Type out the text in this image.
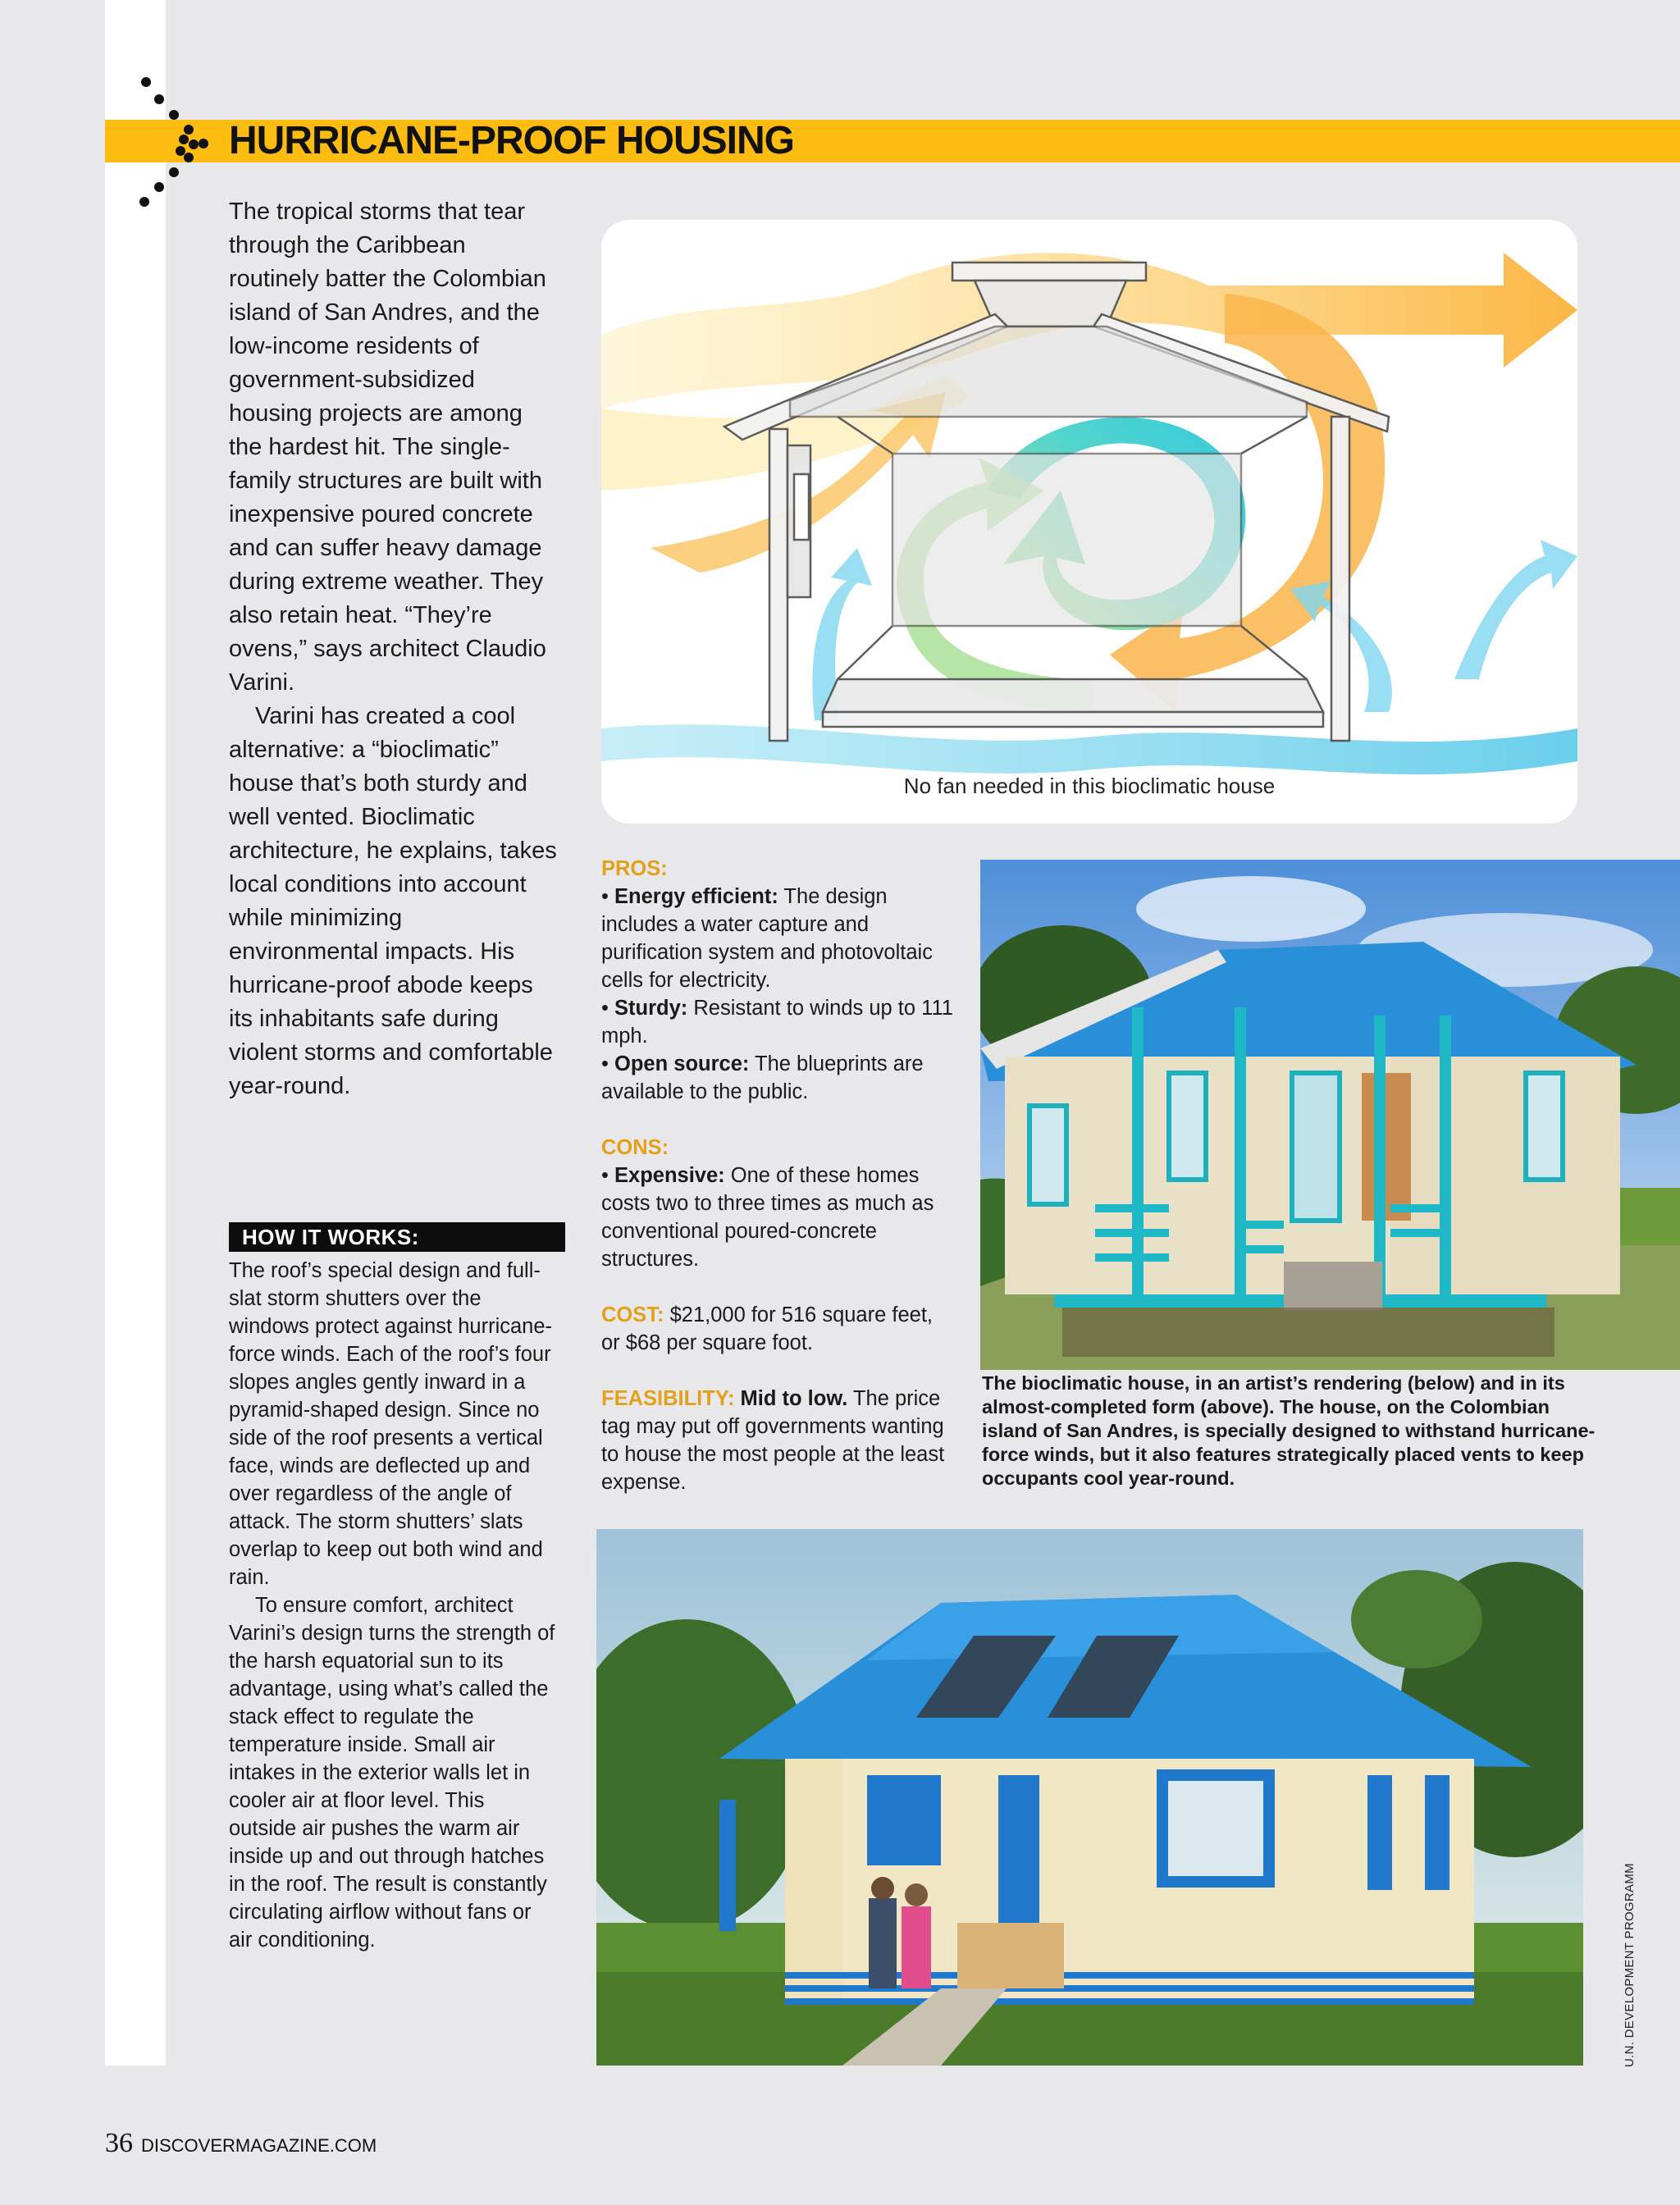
HURRICANE-PROOF HOUSING

The tropical storms that tear through the Caribbean routinely batter the Colombian island of San Andres, and the low-income residents of government-subsidized housing projects are among the hardest hit. The single-family structures are built with inexpensive poured concrete and can suffer heavy damage during extreme weather. They also retain heat. “They’re ovens,” says architect Claudio Varini.

Varini has created a cool alternative: a “bioclimatic” house that’s both sturdy and well vented. Bioclimatic architecture, he explains, takes local conditions into account while minimizing environmental impacts. His hurricane-proof abode keeps its inhabitants safe during violent storms and comfortable year-round.

HOW IT WORKS:

The roof’s special design and full-slat storm shutters over the windows protect against hurricane-force winds. Each of the roof’s four slopes angles gently inward in a pyramid-shaped design. Since no side of the roof presents a vertical face, winds are deflected up and over regardless of the angle of attack. The storm shutters’ slats overlap to keep out both wind and rain.

To ensure comfort, architect Varini’s design turns the strength of the harsh equatorial sun to its advantage, using what’s called the stack effect to regulate the temperature inside. Small air intakes in the exterior walls let in cooler air at floor level. This outside air pushes the warm air inside up and out through hatches in the roof. The result is constantly circulating airflow without fans or air conditioning.

No fan needed in this bioclimatic house

PROS:

• Energy efficient: The design includes a water capture and purification system and photovoltaic cells for electricity.

• Sturdy: Resistant to winds up to 111 mph.

• Open source: The blueprints are available to the public.

CONS:

• Expensive: One of these homes costs two to three times as much as conventional poured-concrete structures.

COST: $21,000 for 516 square feet, or $68 per square foot.

FEASIBILITY: Mid to low. The price tag may put off governments wanting to house the most people at the least expense.

The bioclimatic house, in an artist’s rendering (below) and in its almost-completed form (above). The house, on the Colombian island of San Andres, is specially designed to withstand hurricane-force winds, but it also features strategically placed vents to keep occupants cool year-round.
U.N. DEVELOPMENT PROGRAMM
36 DISCOVERMAGAZINE.COM
